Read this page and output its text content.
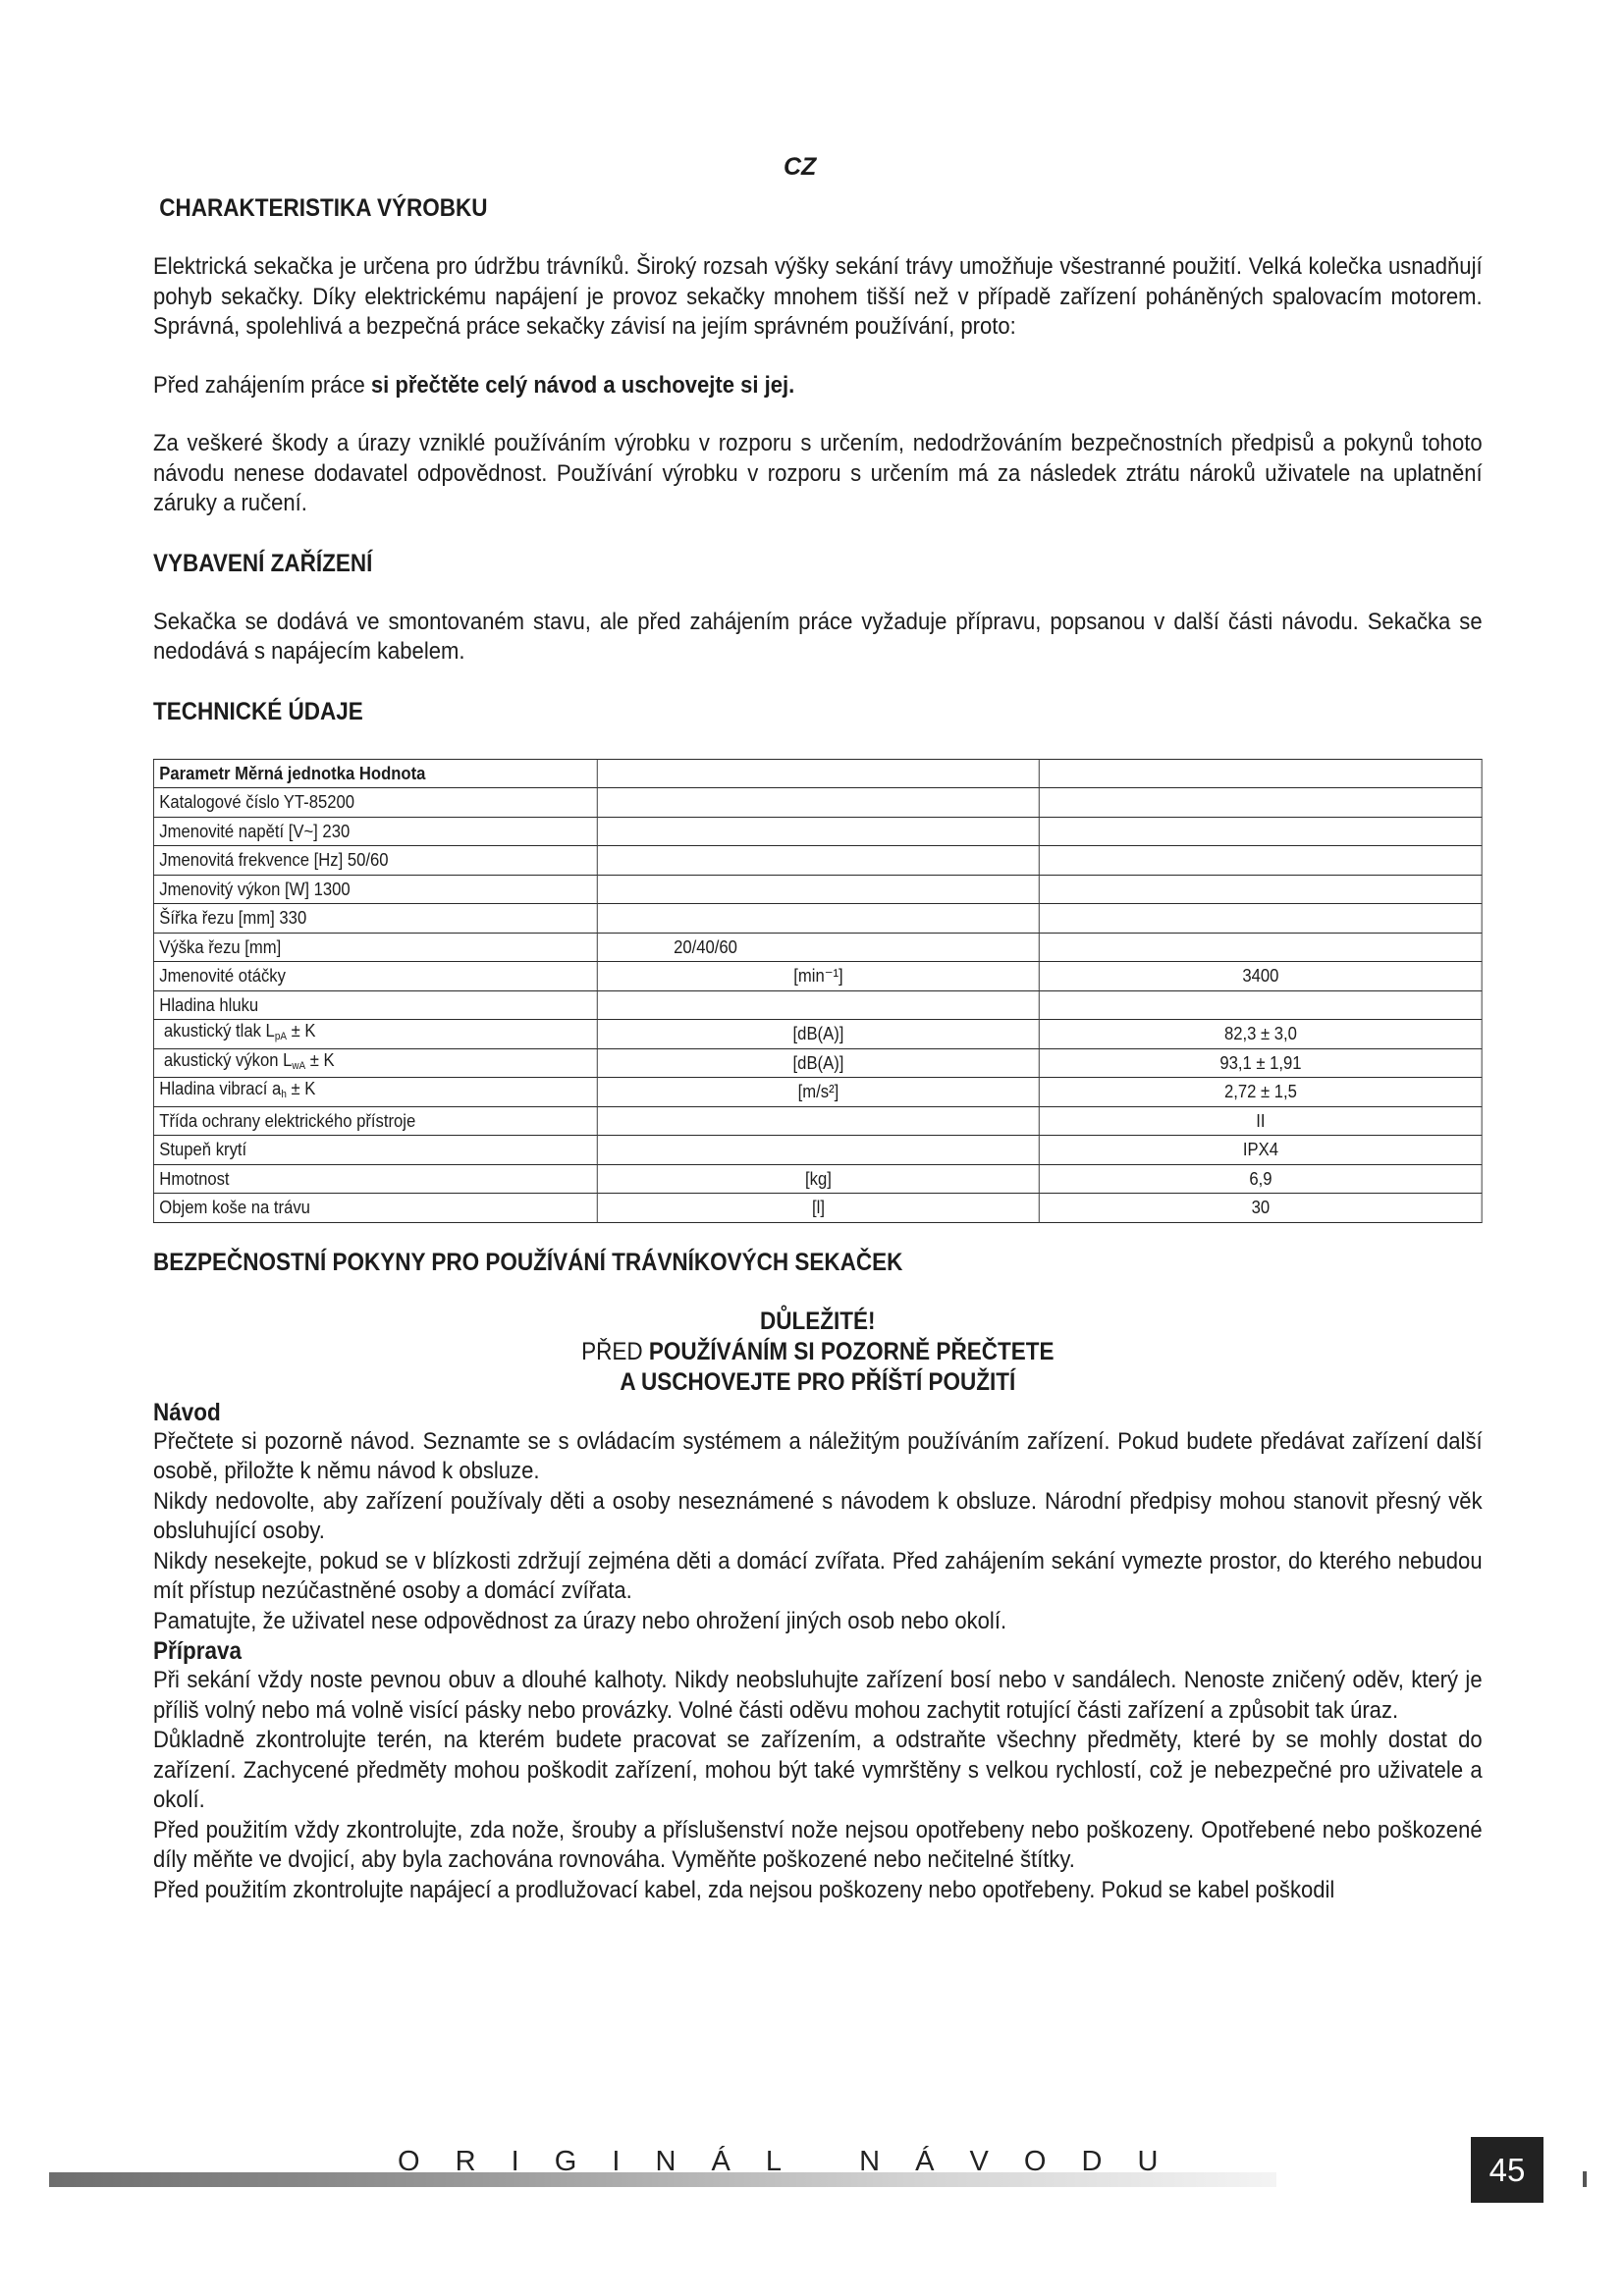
CZ

CHARAKTERISTIKA VÝROBKU

Elektrická sekačka je určena pro údržbu trávníků. Široký rozsah výšky sekání trávy umožňuje všestranné použití. Velká kolečka usnadňují pohyb sekačky. Díky elektrickému napájení je provoz sekačky mnohem tišší než v případě zařízení poháněných spalovacím motorem. Správná, spolehlivá a bezpečná práce sekačky závisí na jejím správném používání, proto:

Před zahájením práce si přečtěte celý návod a uschovejte si jej.

Za veškeré škody a úrazy vzniklé používáním výrobku v rozporu s určením, nedodržováním bezpečnostních předpisů a pokynů tohoto návodu nenese dodavatel odpovědnost. Používání výrobku v rozporu s určením má za následek ztrátu nároků uživatele na uplatnění záruky a ručení.

VYBAVENÍ ZAŘÍZENÍ

Sekačka se dodává ve smontovaném stavu, ale před zahájením práce vyžaduje přípravu, popsanou v další části návodu. Sekačka se nedodává s napájecím kabelem.

TECHNICKÉ ÚDAJE

Parametr Měrná jednotka Hodnota		
Katalogové číslo YT-85200		
Jmenovité napětí [V~] 230		
Jmenovitá frekvence [Hz] 50/60		
Jmenovitý výkon [W] 1300		
Šířka řezu [mm] 330		
Výška řezu [mm]	20/40/60	
Jmenovité otáčky	[min⁻¹]	3400
Hladina hluku		
akustický tlak $L_{pA} \pm K$	[dB(A)]	82,3 ± 3,0
akustický výkon $L_{wA} \pm K$	[dB(A)]	93,1 ± 1,91
Hladina vibrací $a_h \pm K$	[m/s²]	2,72 ± 1,5
Třída ochrany elektrického přístroje		II
Stupeň krytí		IPX4
Hmotnost	[kg]	6,9
Objem koše na trávu	[l]	30

BEZPEČNOSTNÍ POKYNY PRO POUŽÍVÁNÍ TRÁVNÍKOVÝCH SEKAČEK

DŮLEŽITÉ!
PŘED POUŽÍVÁNÍM SI POZORNĚ PŘEČTETE
A USCHOVEJTE PRO PŘÍŠTÍ POUŽITÍ

Návod

Přečtete si pozorně návod. Seznamte se s ovládacím systémem a náležitým používáním zařízení. Pokud budete předávat zařízení další osobě, přiložte k němu návod k obsluze.

Nikdy nedovolte, aby zařízení používaly děti a osoby neseznámené s návodem k obsluze. Národní předpisy mohou stanovit přesný věk obsluhující osoby.

Nikdy nesekejte, pokud se v blízkosti zdržují zejména děti a domácí zvířata. Před zahájením sekání vymezte prostor, do kterého nebudou mít přístup nezúčastněné osoby a domácí zvířata.

Pamatujte, že uživatel nese odpovědnost za úrazy nebo ohrožení jiných osob nebo okolí.

Příprava

Při sekání vždy noste pevnou obuv a dlouhé kalhoty. Nikdy neobsluhujte zařízení bosí nebo v sandálech. Nenoste zničený oděv, který je příliš volný nebo má volně visící pásky nebo provázky. Volné části oděvu mohou zachytit rotující části zařízení a způsobit tak úraz.

Důkladně zkontrolujte terén, na kterém budete pracovat se zařízením, a odstraňte všechny předměty, které by se mohly dostat do zařízení. Zachycené předměty mohou poškodit zařízení, mohou být také vymrštěny s velkou rychlostí, což je nebezpečné pro uživatele a okolí.

Před použitím vždy zkontrolujte, zda nože, šrouby a příslušenství nože nejsou opotřebeny nebo poškozeny. Opotřebené nebo poškozené díly měňte ve dvojicí, aby byla zachována rovnováha. Vyměňte poškozené nebo nečitelné štítky.

Před použitím zkontrolujte napájecí a prodlužovací kabel, zda nejsou poškozeny nebo opotřebeny. Pokud se kabel poškodil

O R I G I N Á L   N Á V O D U	45
